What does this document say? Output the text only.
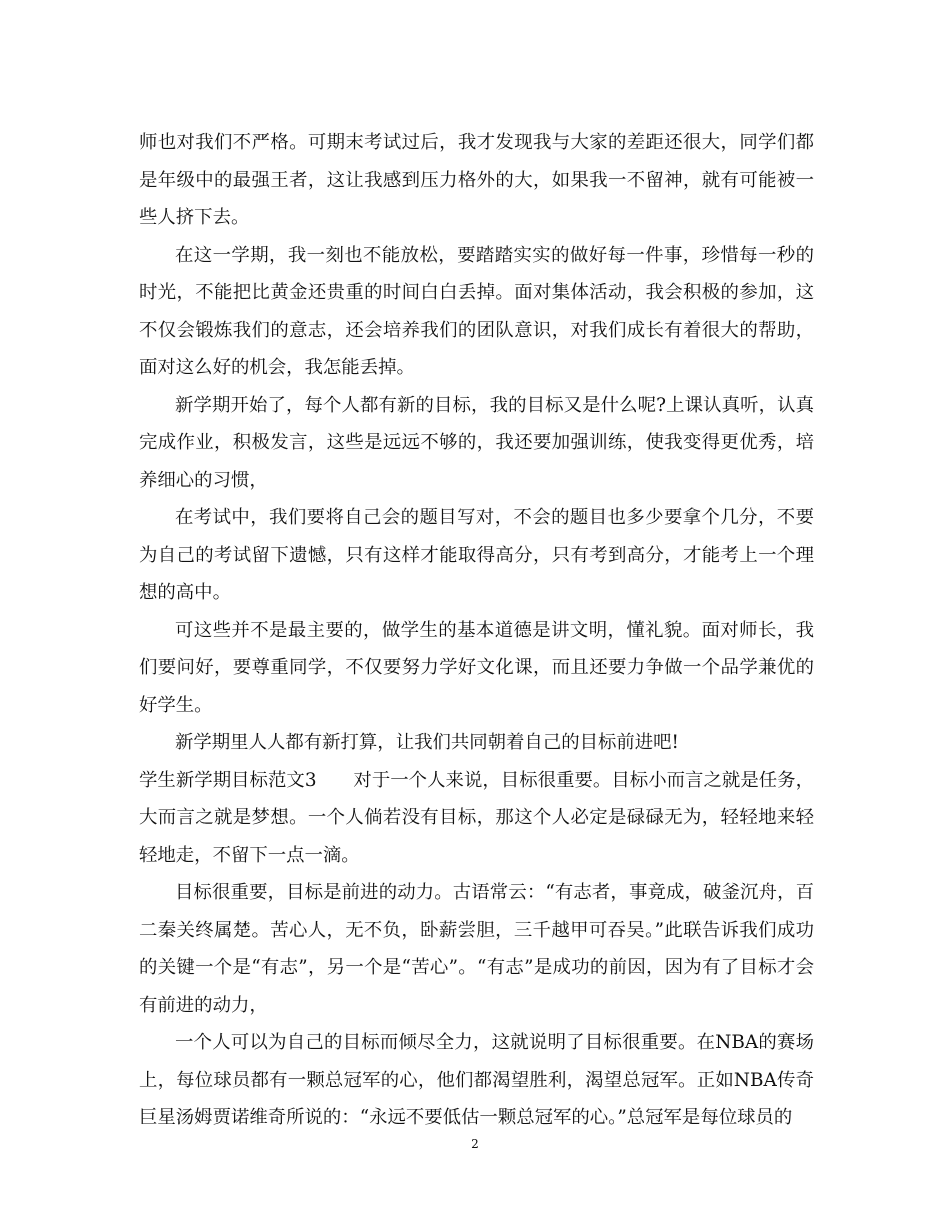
师也对我们不严格。可期末考试过后，我才发现我与大家的差距还很大，同学们都是年级中的最强王者，这让我感到压力格外的大，如果我一不留神，就有可能被一些人挤下去。

在这一学期，我一刻也不能放松，要踏踏实实的做好每一件事，珍惜每一秒的时光，不能把比黄金还贵重的时间白白丢掉。面对集体活动，我会积极的参加，这不仅会锻炼我们的意志，还会培养我们的团队意识，对我们成长有着很大的帮助，面对这么好的机会，我怎能丢掉。

新学期开始了，每个人都有新的目标，我的目标又是什么呢?上课认真听，认真完成作业，积极发言，这些是远远不够的，我还要加强训练，使我变得更优秀，培养细心的习惯，

在考试中，我们要将自己会的题目写对，不会的题目也多少要拿个几分，不要为自己的考试留下遗憾，只有这样才能取得高分，只有考到高分，才能考上一个理想的高中。

可这些并不是最主要的，做学生的基本道德是讲文明，懂礼貌。面对师长，我们要问好，要尊重同学，不仅要努力学好文化课，而且还要力争做一个品学兼优的好学生。

新学期里人人都有新打算，让我们共同朝着自己的目标前进吧!

学生新学期目标范文3　　对于一个人来说，目标很重要。目标小而言之就是任务，大而言之就是梦想。一个人倘若没有目标，那这个人必定是碌碌无为，轻轻地来轻轻地走，不留下一点一滴。

目标很重要，目标是前进的动力。古语常云：“有志者，事竟成，破釜沉舟，百二秦关终属楚。苦心人，无不负，卧薪尝胆，三千越甲可吞吴。”此联告诉我们成功的关键一个是“有志”，另一个是“苦心”。“有志”是成功的前因，因为有了目标才会有前进的动力，

一个人可以为自己的目标而倾尽全力，这就说明了目标很重要。在NBA的赛场上，每位球员都有一颗总冠军的心，他们都渴望胜利，渴望总冠军。正如NBA传奇巨星汤姆贾诺维奇所说的：“永远不要低估一颗总冠军的心。”总冠军是每位球员的

2
